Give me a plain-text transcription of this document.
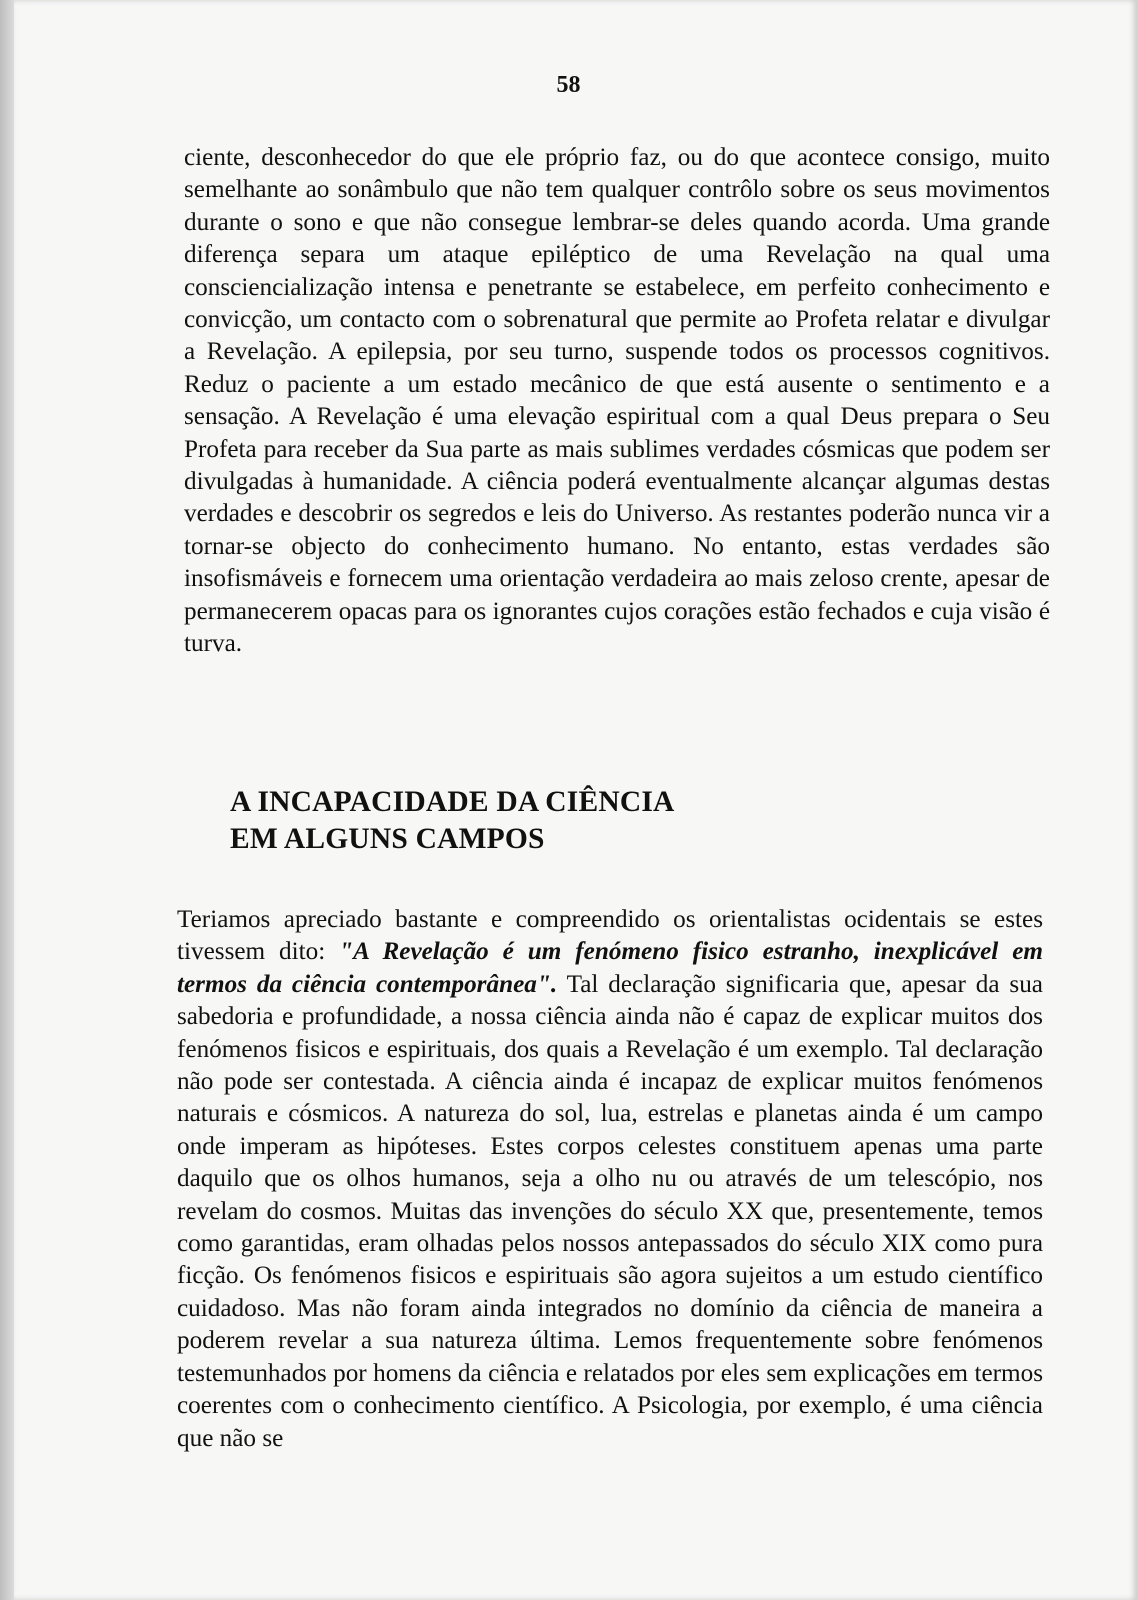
58

ciente, desconhecedor do que ele próprio faz, ou do que acontece consigo, muito semelhante ao sonâmbulo que não tem qualquer contrôlo sobre os seus movimentos durante o sono e que não consegue lembrar-se deles quando acorda. Uma grande diferença separa um ataque epiléptico de uma Revelação na qual uma consciencialização intensa e penetrante se estabelece, em perfeito conhecimento e convicção, um contacto com o sobrenatural que permite ao Profeta relatar e divulgar a Revelação. A epilepsia, por seu turno, suspende todos os processos cognitivos. Reduz o paciente a um estado mecânico de que está ausente o sentimento e a sensação. A Revelação é uma elevação espiritual com a qual Deus prepara o Seu Profeta para receber da Sua parte as mais sublimes verdades cósmicas que podem ser divulgadas à humanidade. A ciência poderá eventualmente alcançar algumas destas verdades e descobrir os segredos e leis do Universo. As restantes poderão nunca vir a tornar-se objecto do conhecimento humano. No entanto, estas verdades são insofismáveis e fornecem uma orientação verdadeira ao mais zeloso crente, apesar de permanecerem opacas para os ignorantes cujos corações estão fechados e cuja visão é turva.

A INCAPACIDADE DA CIÊNCIA
EM ALGUNS CAMPOS

Teriamos apreciado bastante e compreendido os orientalistas ocidentais se estes tivessem dito: "A Revelação é um fenómeno fisico estranho, inexplicável em termos da ciência contemporânea". Tal declaração significaria que, apesar da sua sabedoria e profundidade, a nossa ciência ainda não é capaz de explicar muitos dos fenómenos fisicos e espirituais, dos quais a Revelação é um exemplo. Tal declaração não pode ser contestada. A ciência ainda é incapaz de explicar muitos fenómenos naturais e cósmicos. A natureza do sol, lua, estrelas e planetas ainda é um campo onde imperam as hipóteses. Estes corpos celestes constituem apenas uma parte daquilo que os olhos humanos, seja a olho nu ou através de um telescópio, nos revelam do cosmos. Muitas das invenções do século XX que, presentemente, temos como garantidas, eram olhadas pelos nossos antepassados do século XIX como pura ficção. Os fenómenos fisicos e espirituais são agora sujeitos a um estudo científico cuidadoso. Mas não foram ainda integrados no domínio da ciência de maneira a poderem revelar a sua natureza última. Lemos frequentemente sobre fenómenos testemunhados por homens da ciência e relatados por eles sem explicações em termos coerentes com o conhecimento científico. A Psicologia, por exemplo, é uma ciência que não se
